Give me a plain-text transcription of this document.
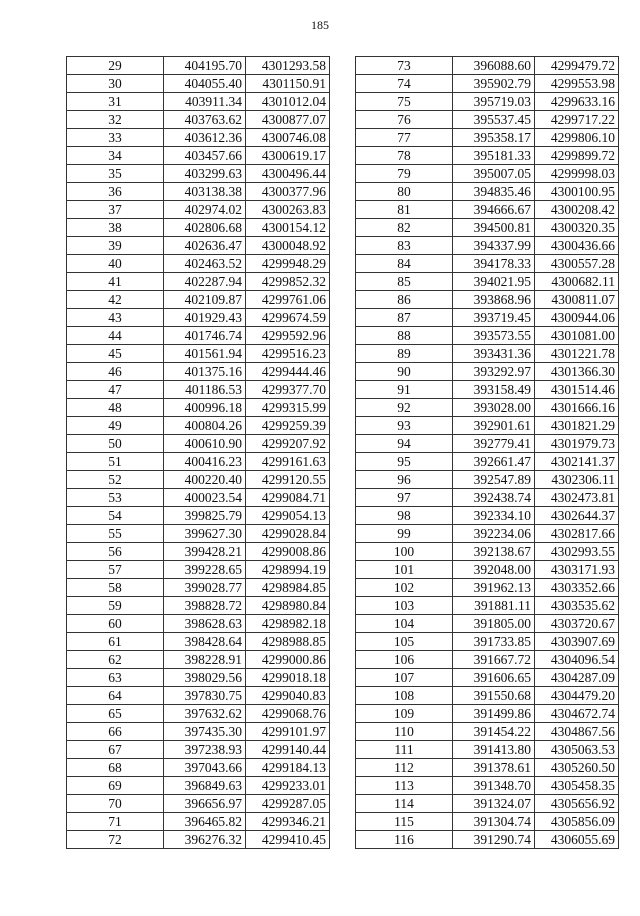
185
29	404195.70	4301293.58
30	404055.40	4301150.91
31	403911.34	4301012.04
32	403763.62	4300877.07
33	403612.36	4300746.08
34	403457.66	4300619.17
35	403299.63	4300496.44
36	403138.38	4300377.96
37	402974.02	4300263.83
38	402806.68	4300154.12
39	402636.47	4300048.92
40	402463.52	4299948.29
41	402287.94	4299852.32
42	402109.87	4299761.06
43	401929.43	4299674.59
44	401746.74	4299592.96
45	401561.94	4299516.23
46	401375.16	4299444.46
47	401186.53	4299377.70
48	400996.18	4299315.99
49	400804.26	4299259.39
50	400610.90	4299207.92
51	400416.23	4299161.63
52	400220.40	4299120.55
53	400023.54	4299084.71
54	399825.79	4299054.13
55	399627.30	4299028.84
56	399428.21	4299008.86
57	399228.65	4298994.19
58	399028.77	4298984.85
59	398828.72	4298980.84
60	398628.63	4298982.18
61	398428.64	4298988.85
62	398228.91	4299000.86
63	398029.56	4299018.18
64	397830.75	4299040.83
65	397632.62	4299068.76
66	397435.30	4299101.97
67	397238.93	4299140.44
68	397043.66	4299184.13
69	396849.63	4299233.01
70	396656.97	4299287.05
71	396465.82	4299346.21
72	396276.32	4299410.45
73	396088.60	4299479.72
74	395902.79	4299553.98
75	395719.03	4299633.16
76	395537.45	4299717.22
77	395358.17	4299806.10
78	395181.33	4299899.72
79	395007.05	4299998.03
80	394835.46	4300100.95
81	394666.67	4300208.42
82	394500.81	4300320.35
83	394337.99	4300436.66
84	394178.33	4300557.28
85	394021.95	4300682.11
86	393868.96	4300811.07
87	393719.45	4300944.06
88	393573.55	4301081.00
89	393431.36	4301221.78
90	393292.97	4301366.30
91	393158.49	4301514.46
92	393028.00	4301666.16
93	392901.61	4301821.29
94	392779.41	4301979.73
95	392661.47	4302141.37
96	392547.89	4302306.11
97	392438.74	4302473.81
98	392334.10	4302644.37
99	392234.06	4302817.66
100	392138.67	4302993.55
101	392048.00	4303171.93
102	391962.13	4303352.66
103	391881.11	4303535.62
104	391805.00	4303720.67
105	391733.85	4303907.69
106	391667.72	4304096.54
107	391606.65	4304287.09
108	391550.68	4304479.20
109	391499.86	4304672.74
110	391454.22	4304867.56
111	391413.80	4305063.53
112	391378.61	4305260.50
113	391348.70	4305458.35
114	391324.07	4305656.92
115	391304.74	4305856.09
116	391290.74	4306055.69
